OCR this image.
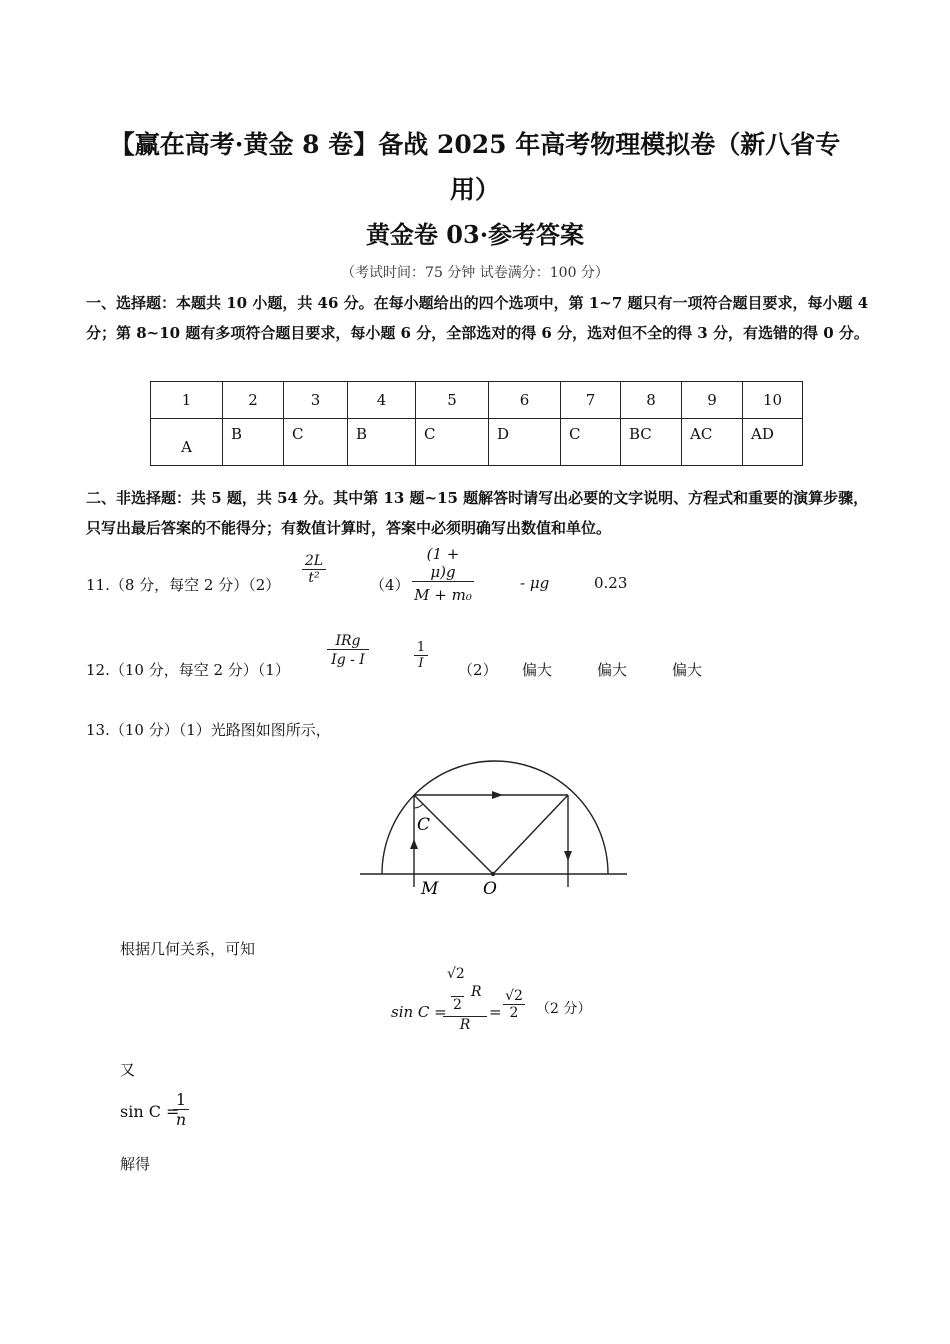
【赢在高考·黄金 8 卷】备战 2025 年高考物理模拟卷（新八省专
用）
黄金卷 03·参考答案
（考试时间：75 分钟 试卷满分：100 分）
一、选择题：本题共 10 小题，共 46 分。在每小题给出的四个选项中，第 1~7 题只有一项符合题目要求，每小题 4 分；第 8~10 题有多项符合题目要求，每小题 6 分，全部选对的得 6 分，选对但不全的得 3 分，有选错的得 0 分。
1	2	3	4	5	6	7	8	9	10
A	B	C	B	C	D	C	BC	AC	AD
二、非选择题：共 5 题，共 54 分。其中第 13 题~15 题解答时请写出必要的文字说明、方程式和重要的演算步骤，只写出最后答案的不能得分；有数值计算时，答案中必须明确写出数值和单位。
11.（8 分，每空 2 分）$(2) \frac{2L}{\text{t²}}$	$(4) \frac{(1 + \mu)g}{\text{M + m₀}}$	- μg	0.23
12.（10 分，每空 2 分）（1）
IRg
Ig - I	$\frac{1}{I} (2)$ 偏大	偏大	偏大
13.（10 分）（1）光路图如图所示，
C
M	O
根据几何关系，可知
sin C =
√2
2
R
R
= $\frac{√2}{2} (2$ 分）
又
sin C =
$\frac{1}{n}$
解得
